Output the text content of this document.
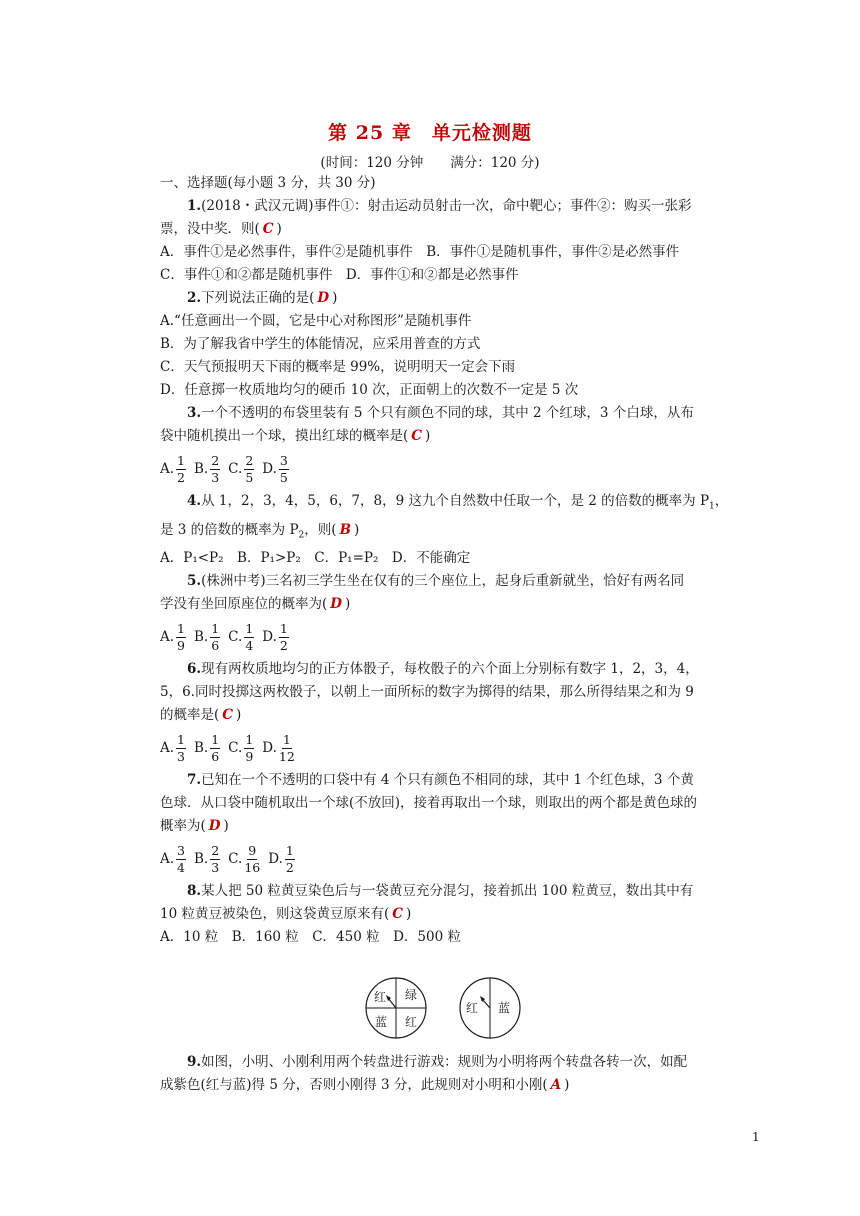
第 25 章　单元检测题
(时间：120 分钟　　满分：120 分)
一、选择题(每小题 3 分，共 30 分)
1.(2018・武汉元调)事件①：射击运动员射击一次，命中靶心；事件②：购买一张彩
票，没中奖．则( C )
A．事件①是必然事件，事件②是随机事件　B．事件①是随机事件，事件②是必然事件
C．事件①和②都是随机事件　D．事件①和②都是必然事件
2.下列说法正确的是( D )
A.“任意画出一个圆，它是中心对称图形”是随机事件
B．为了解我省中学生的体能情况，应采用普查的方式
C．天气预报明天下雨的概率是 99%，说明明天一定会下雨
D．任意掷一枚质地均匀的硬币 10 次，正面朝上的次数不一定是 5 次
3.一个不透明的布袋里装有 5 个只有颜色不同的球，其中 2 个红球，3 个白球，从布
袋中随机摸出一个球，摸出红球的概率是( C )
A. $\frac{1}{2} B$. $\frac{2}{3} C$. $\frac{2}{5} D$. $\frac{3}{5}$
4.从 1，2，3，4，5，6，7，8，9 这九个自然数中任取一个，是 2 的倍数的概率为 $P_1$，
是 3 的倍数的概率为 $P_2$，则( B )
A．P₁<P₂　B．P₁>P₂　C．P₁=P₂　D．不能确定
5.(株洲中考)三名初三学生坐在仅有的三个座位上，起身后重新就坐，恰好有两名同
学没有坐回原座位的概率为( D )
A. $\frac{1}{9} B$. $\frac{1}{6} C$. $\frac{1}{4} D$. $\frac{1}{2}$
6.现有两枚质地均匀的正方体骰子，每枚骰子的六个面上分别标有数字 1，2，3，4，
5，6.同时投掷这两枚骰子，以朝上一面所标的数字为掷得的结果，那么所得结果之和为 9
的概率是( C )
A. $\frac{1}{3} B$. $\frac{1}{6} C$. $\frac{1}{9} D$. $\frac{1}{12}$
7.已知在一个不透明的口袋中有 4 个只有颜色不相同的球，其中 1 个红色球，3 个黄
色球．从口袋中随机取出一个球(不放回)，接着再取出一个球，则取出的两个都是黄色球的
概率为( D )
A. $\frac{3}{4} B$. $\frac{2}{3} C$. $\frac{9}{16} D$. $\frac{1}{2}$
8.某人把 50 粒黄豆染色后与一袋黄豆充分混匀，接着抓出 100 粒黄豆，数出其中有
10 粒黄豆被染色，则这袋黄豆原来有( C )
A．10 粒　B．160 粒　C．450 粒　D．500 粒
红 绿
蓝 红
红 蓝
9.如图，小明、小刚利用两个转盘进行游戏：规则为小明将两个转盘各转一次，如配
成紫色(红与蓝)得 5 分，否则小刚得 3 分，此规则对小明和小刚( A )
1
